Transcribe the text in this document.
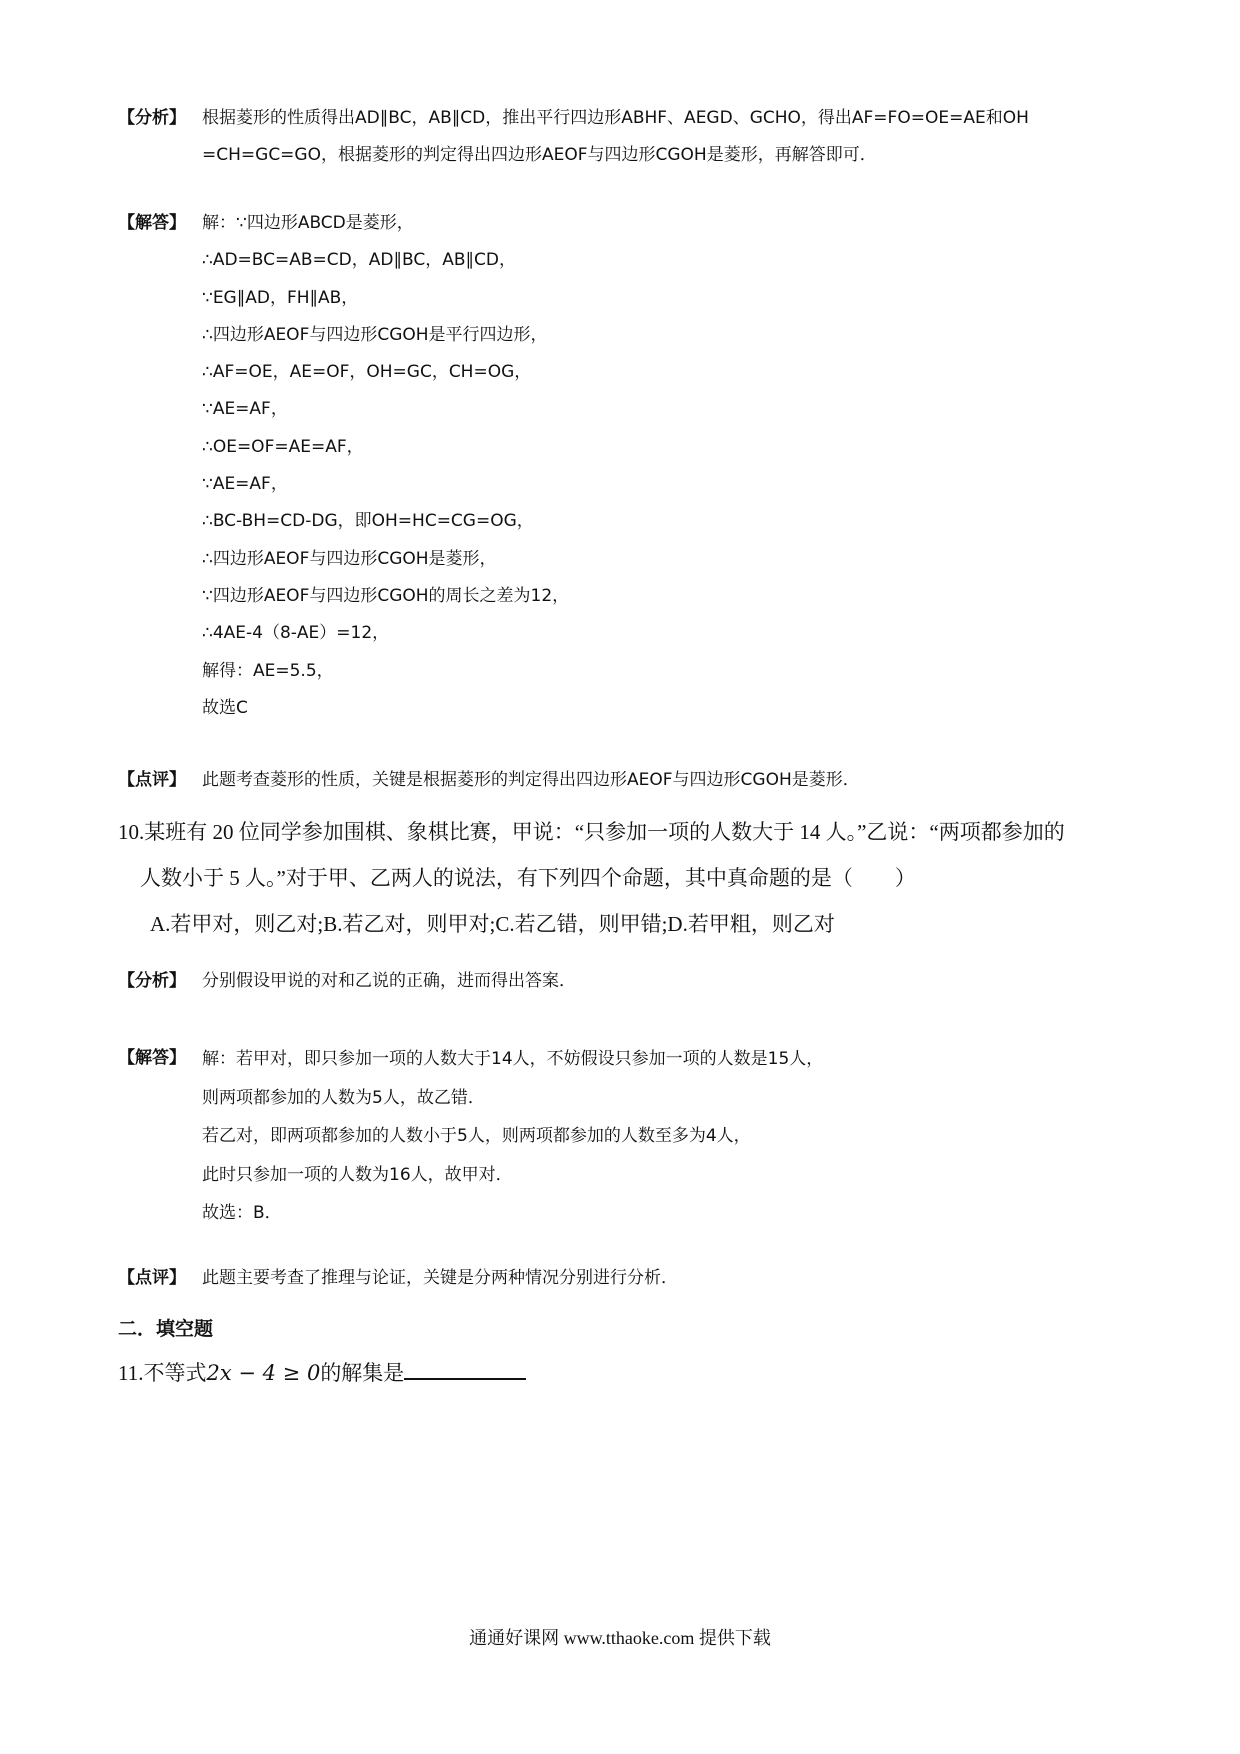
【分析】 根据菱形的性质得出AD∥BC，AB∥CD，推出平行四边形ABHF、AEGD、GCHO，得出AF=FO=OE=AE和OH
=CH=GC=GO，根据菱形的判定得出四边形AEOF与四边形CGOH是菱形，再解答即可．
【解答】 解：∵四边形ABCD是菱形，
∴AD=BC=AB=CD，AD∥BC，AB∥CD，
∵EG∥AD，FH∥AB，
∴四边形AEOF与四边形CGOH是平行四边形，
∴AF=OE，AE=OF，OH=GC，CH=OG，
∵AE=AF，
∴OE=OF=AE=AF，
∵AE=AF，
∴BC-BH=CD-DG，即OH=HC=CG=OG，
∴四边形AEOF与四边形CGOH是菱形，
∵四边形AEOF与四边形CGOH的周长之差为12，
∴4AE-4（8-AE）=12，
解得：AE=5.5，
故选C
【点评】 此题考查菱形的性质，关键是根据菱形的判定得出四边形AEOF与四边形CGOH是菱形．
10.某班有 20 位同学参加围棋、象棋比赛，甲说：“只参加一项的人数大于 14 人。”乙说：“两项都参加的
人数小于 5 人。”对于甲、乙两人的说法，有下列四个命题，其中真命题的是（　　）
A.若甲对，则乙对;B.若乙对，则甲对;C.若乙错，则甲错;D.若甲粗，则乙对
【分析】 分别假设甲说的对和乙说的正确，进而得出答案．
【解答】 解：若甲对，即只参加一项的人数大于14人，不妨假设只参加一项的人数是15人，
则两项都参加的人数为5人，故乙错．
若乙对，即两项都参加的人数小于5人，则两项都参加的人数至多为4人，
此时只参加一项的人数为16人，故甲对．
故选：B．
【点评】 此题主要考查了推理与论证，关键是分两种情况分别进行分析．
二．填空题
11.不等式2x − 4 ≥ 0的解集是
通通好课网 www.tthaoke.com 提供下载
